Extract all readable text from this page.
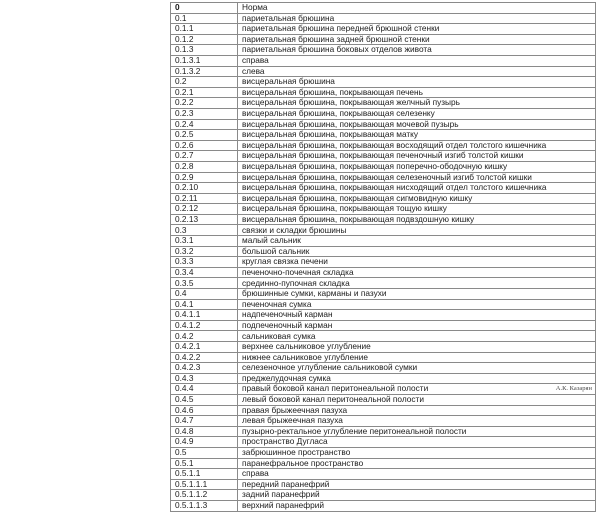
0	Норма
0.1	париетальная брюшина
0.1.1	париетальная брюшина передней брюшной стенки
0.1.2	париетальная брюшина задней брюшной стенки
0.1.3	париетальная брюшина боковых отделов живота
0.1.3.1	справа
0.1.3.2	слева
0.2	висцеральная брюшина
0.2.1	висцеральная брюшина, покрывающая печень
0.2.2	висцеральная брюшина, покрывающая желчный пузырь
0.2.3	висцеральная брюшина, покрывающая селезенку
0.2.4	висцеральная брюшина, покрывающая мочевой пузырь
0.2.5	висцеральная брюшина, покрывающая матку
0.2.6	висцеральная брюшина, покрывающая восходящий отдел толстого кишечника
0.2.7	висцеральная брюшина, покрывающая печеночный изгиб толстой кишки
0.2.8	висцеральная брюшина, покрывающая поперечно-ободочную кишку
0.2.9	висцеральная брюшина, покрывающая селезеночный изгиб толстой кишки
0.2.10	висцеральная брюшина, покрывающая нисходящий отдел толстого кишечника
0.2.11	висцеральная брюшина, покрывающая сигмовидную кишку
0.2.12	висцеральная брюшина, покрывающая тощую кишку
0.2.13	висцеральная брюшина, покрывающая подвздошную кишку
0.3	связки и складки брюшины
0.3.1	малый сальник
0.3.2	большой сальник
0.3.3	круглая связка печени
0.3.4	печеночно-почечная складка
0.3.5	срединно-пупочная складка
0.4	брюшинные сумки, карманы и пазухи
0.4.1	печеночная сумка
0.4.1.1	надпеченочный карман
0.4.1.2	подпеченочный карман
0.4.2	сальниковая сумка
0.4.2.1	верхнее сальниковое углубление
0.4.2.2	нижнее сальниковое углубление
0.4.2.3	селезеночное углубление сальниковой сумки
0.4.3	преджелудочная сумка
0.4.4	правый боковой канал перитонеальной полости А.К. Казарян

0.4.5	левый боковой канал перитонеальной полости
0.4.6	правая брыжеечная пазуха
0.4.7	левая брыжеечная пазуха
0.4.8	пузырно-ректальное углубление перитонеальной полости
0.4.9	пространство Дугласа
0.5	забрюшинное пространство
0.5.1	паранефральное пространство
0.5.1.1	справа
0.5.1.1.1	передний паранефрий
0.5.1.1.2	задний паранефрий
0.5.1.1.3	верхний паранефрий
